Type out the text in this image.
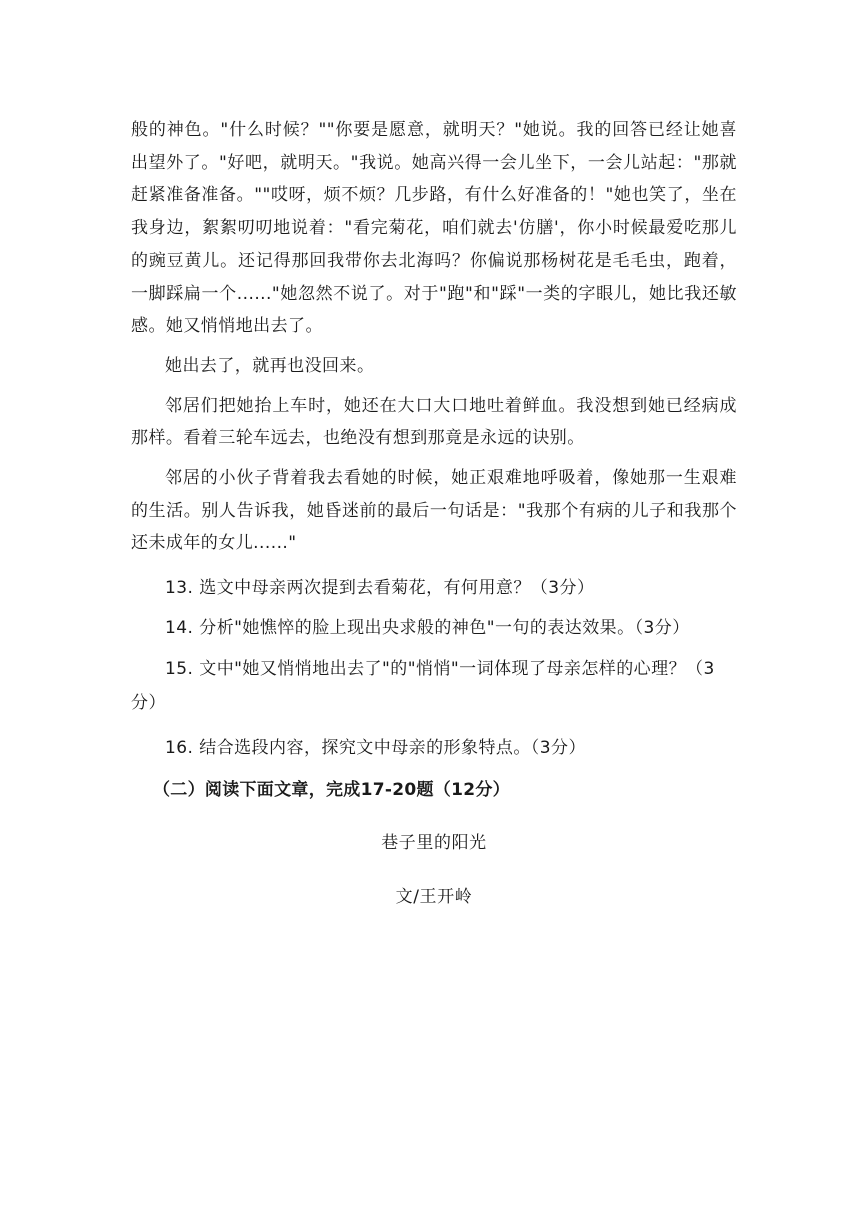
般的神色。"什么时候？""你要是愿意，就明天？"她说。我的回答已经让她喜出望外了。"好吧，就明天。"我说。她高兴得一会儿坐下，一会儿站起："那就赶紧准备准备。""哎呀，烦不烦？几步路，有什么好准备的！"她也笑了，坐在我身边，絮絮叨叨地说着："看完菊花，咱们就去'仿膳'，你小时候最爱吃那儿的豌豆黄儿。还记得那回我带你去北海吗？你偏说那杨树花是毛毛虫，跑着，一脚踩扁一个......"她忽然不说了。对于"跑"和"踩"一类的字眼儿，她比我还敏感。她又悄悄地出去了。

她出去了，就再也没回来。

邻居们把她抬上车时，她还在大口大口地吐着鲜血。我没想到她已经病成那样。看着三轮车远去，也绝没有想到那竟是永远的诀别。

邻居的小伙子背着我去看她的时候，她正艰难地呼吸着，像她那一生艰难的生活。别人告诉我，她昏迷前的最后一句话是："我那个有病的儿子和我那个还未成年的女儿......"

13. 选文中母亲两次提到去看菊花，有何用意？（3分）

14. 分析"她憔悴的脸上现出央求般的神色"一句的表达效果。（3分）

15. 文中"她又悄悄地出去了"的"悄悄"一词体现了母亲怎样的心理？（3分）

16. 结合选段内容，探究文中母亲的形象特点。（3分）

（二）阅读下面文章，完成17-20题（12分）

巷子里的阳光

文/王开岭
